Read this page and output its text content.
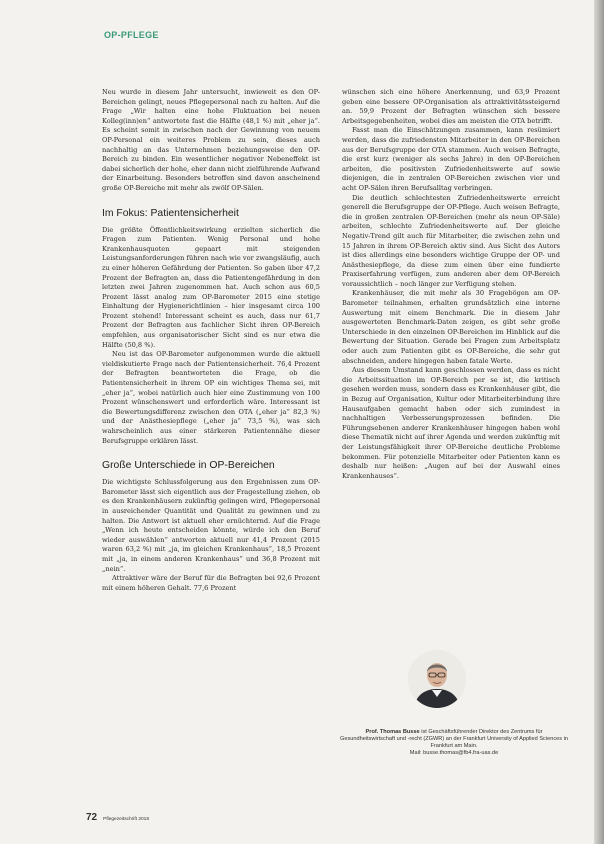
OP-PFLEGE

Neu wurde in diesem Jahr untersucht, inwieweit es den OP-Bereichen gelingt, neues Pflegepersonal nach zu halten. Auf die Frage „Wir halten eine hohe Fluktuation bei neuen Kolleg(inn)en“ antwortete fast die Hälfte (48,1 %) mit „eher ja“. Es scheint somit in zwischen nach der Gewinnung von neuem OP-Personal ein weiteres Problem zu sein, dieses auch nachhaltig an das Unternehmen beziehungsweise den OP-Bereich zu binden. Ein wesentlicher negativer Nebeneffekt ist dabei sicherlich der hohe, eher dann nicht zielführende Aufwand der Einarbeitung. Besonders betroffen sind davon anscheinend große OP-Bereiche mit mehr als zwölf OP-Sälen.

Im Fokus: Patientensicherheit

Die größte Öffentlichkeitswirkung erzielten sicherlich die Fragen zum Patienten. Wenig Personal und hohe Krankenhausquoten gepaart mit steigenden Leistungsanforderungen führen nach wie vor zwangsläufig, auch zu einer höheren Gefährdung der Patienten. So gaben über 47,2 Prozent der Befragten an, dass die Patientengefährdung in den letzten zwei Jahren zugenommen hat. Auch schon aus 60,5 Prozent lässt analog zum OP-Barometer 2015 eine stetige Einhaltung der Hygienerichtlinien – hier insgesamt circa 100 Prozent stehend! Interessant scheint es auch, dass nur 61,7 Prozent der Befragten aus fachlicher Sicht ihren OP-Bereich empfehlen, aus organisatorischer Sicht sind es nur etwa die Hälfte (50,8 %).

Neu ist das OP-Barometer aufgenommen wurde die aktuell vieldiskutierte Frage nach der Patientensicherheit. 76,4 Prozent der Befragten beantworteten die Frage, ob die Patientensicherheit in ihrem OP ein wichtiges Thema sei, mit „eher ja“, wobei natürlich auch hier eine Zustimmung von 100 Prozent wünschenswert und erforderlich wäre. Interessant ist die Bewertungsdifferenz zwischen den OTA („eher ja“ 82,3 %) und der Anästhesiepflege („eher ja“ 73,5 %), was sich wahrscheinlich aus einer stärkeren Patientennähe dieser Berufsgruppe erklären lässt.

Große Unterschiede in OP-Bereichen

Die wichtigste Schlussfolgerung aus den Ergebnissen zum OP-Barometer lässt sich eigentlich aus der Fragestellung ziehen, ob es den Krankenhäusern zukünftig gelingen wird, Pflegepersonal in ausreichender Quantität und Qualität zu gewinnen und zu halten. Die Antwort ist aktuell eher ernüchternd. Auf die Frage „Wenn ich heute entscheiden könnte, würde ich den Beruf wieder auswählen“ antworten aktuell nur 41,4 Prozent (2015 waren 63,2 %) mit „ja, im gleichen Krankenhaus“, 18,5 Prozent mit „ja, in einem anderen Krankenhaus“ und 36,8 Prozent mit „nein“.

Attraktiver wäre der Beruf für die Befragten bei 92,6 Prozent mit einem höheren Gehalt. 77,6 Prozent

wünschen sich eine höhere Anerkennung, und 63,9 Prozent geben eine bessere OP-Organisation als attraktivitätssteigernd an. 59,9 Prozent der Befragten wünschen sich bessere Arbeitsgegebenheiten, wobei dies am meisten die OTA betrifft.

Fasst man die Einschätzungen zusammen, kann resümiert werden, dass die zufriedensten Mitarbeiter in den OP-Bereichen aus der Berufsgruppe der OTA stammen. Auch weisen Befragte, die erst kurz (weniger als sechs Jahre) in den OP-Bereichen arbeiten, die positivsten Zufriedenheitswerte auf sowie diejenigen, die in zentralen OP-Bereichen zwischen vier und acht OP-Sälen ihren Berufsalltag verbringen.

Die deutlich schlechtesten Zufriedenheitswerte erreicht generell die Berufsgruppe der OP-Pflege. Auch weisen Befragte, die in großen zentralen OP-Bereichen (mehr als neun OP-Säle) arbeiten, schlechte Zufriedenheitswerte auf. Der gleiche Negativ-Trend gilt auch für Mitarbeiter, die zwischen zehn und 15 Jahren in ihrem OP-Bereich aktiv sind. Aus Sicht des Autors ist dies allerdings eine besonders wichtige Gruppe der OP- und Anästhesiepflege, da diese zum einen über eine fundierte Praxiserfahrung verfügen, zum anderen aber dem OP-Bereich voraussichtlich – noch länger zur Verfügung stehen.

Krankenhäuser, die mit mehr als 30 Fragebögen am OP-Barometer teilnahmen, erhalten grundsätzlich eine interne Auswertung mit einem Benchmark. Die in diesem Jahr ausgewerteten Benchmark-Daten zeigen, es gibt sehr große Unterschiede in den einzelnen OP-Bereichen im Hinblick auf die Bewertung der Situation. Gerade bei Fragen zum Arbeitsplatz oder auch zum Patienten gibt es OP-Bereiche, die sehr gut abschneiden, andere hingegen haben fatale Werte.

Aus diesem Umstand kann geschlossen werden, dass es nicht die Arbeitssituation im OP-Bereich per se ist, die kritisch gesehen werden muss, sondern dass es Krankenhäuser gibt, die in Bezug auf Organisation, Kultur oder Mitarbeiterbindung ihre Hausaufgaben gemacht haben oder sich zumindest in nachhaltigen Verbesserungsprozessen befinden. Die Führungsebenen anderer Krankenhäuser hingegen haben wohl diese Thematik nicht auf ihrer Agenda und werden zukünftig mit der Leistungsfähigkeit ihrer OP-Bereiche deutliche Probleme bekommen. Für potenzielle Mitarbeiter oder Patienten kann es deshalb nur heißen: „Augen auf bei der Auswahl eines Krankenhauses“.

Prof. Thomas Busse ist Geschäftsführender Direktor des Zentrums für Gesundheitswirtschaft und -recht (ZGWR) an der Frankfurt University of Applied Sciences in Frankfurt am Main.
Mail: busse.thomas@fb4.fra-uas.de
72 Pflegezeitschrift 2018
